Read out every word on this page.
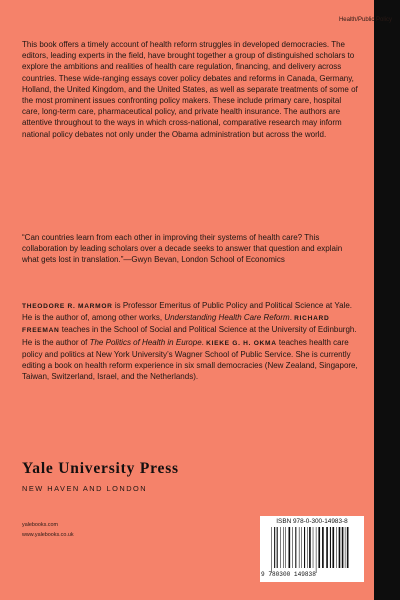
Health/Public Policy

This book offers a timely account of health reform struggles in developed democracies. The editors, leading experts in the field, have brought together a group of distinguished scholars to explore the ambitions and realities of health care regulation, financing, and delivery across countries. These wide-ranging essays cover policy debates and reforms in Canada, Germany, Holland, the United Kingdom, and the United States, as well as separate treatments of some of the most prominent issues confronting policy makers. These include primary care, hospital care, long-term care, pharmaceutical policy, and private health insurance. The authors are attentive throughout to the ways in which cross-national, comparative research may inform national policy debates not only under the Obama administration but across the world.

“Can countries learn from each other in improving their systems of health care? This collaboration by leading scholars over a decade seeks to answer that question and explain what gets lost in translation.”—Gwyn Bevan, London School of Economics

THEODORE R. MARMOR is Professor Emeritus of Public Policy and Political Science at Yale. He is the author of, among other works, Understanding Health Care Reform. RICHARD FREEMAN teaches in the School of Social and Political Science at the University of Edinburgh. He is the author of The Politics of Health in Europe. KIEKE G. H. OKMA teaches health care policy and politics at New York University’s Wagner School of Public Service. She is currently editing a book on health reform experience in six small democracies (New Zealand, Singapore, Taiwan, Switzerland, Israel, and the Netherlands).

Yale University Press
NEW HAVEN AND LONDON
yalebooks.com
www.yalebooks.co.uk
ISBN 978-0-300-14983-8
9 780300 149838
